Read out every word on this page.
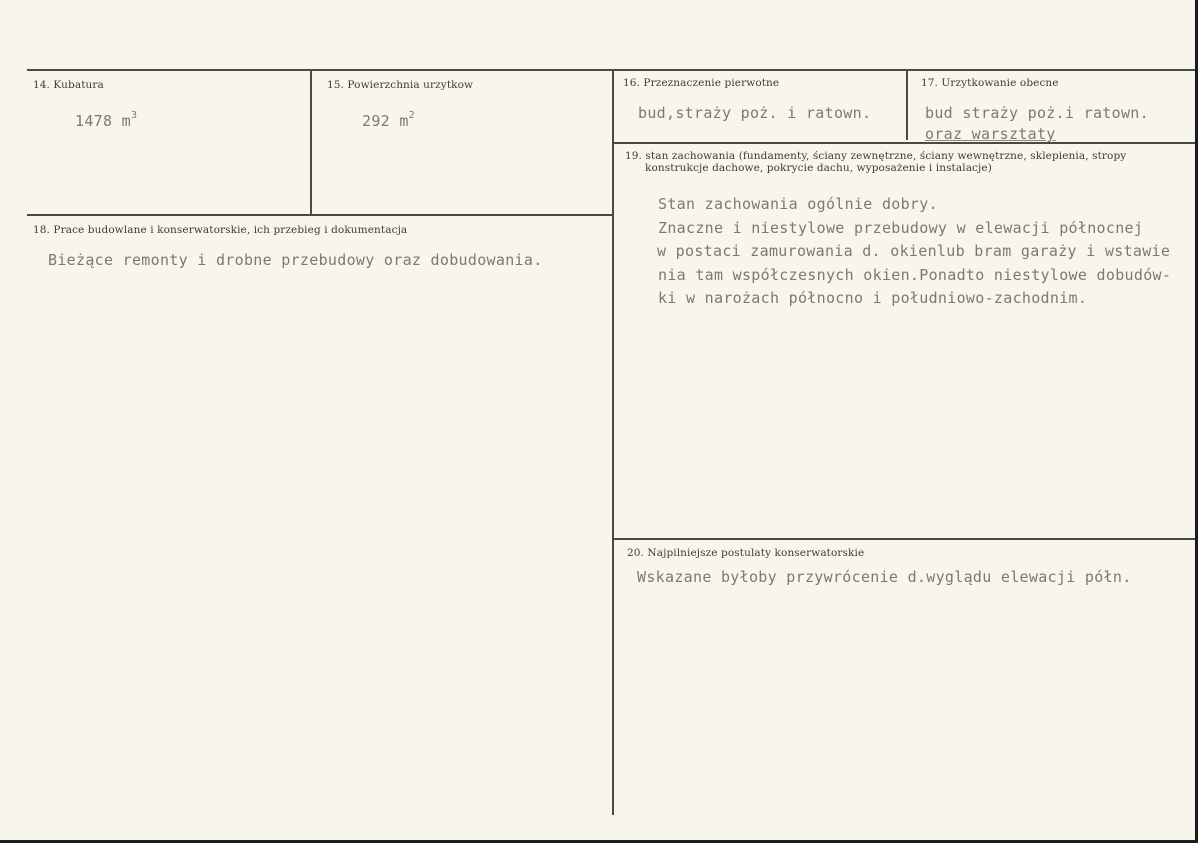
14. Kubatura
1478 $m^3$
15. Powierzchnia urzytkow
292 $m^2$
16. Przeznaczenie pierwotne
bud,straży poż. i ratown.
17. Urzytkowanie obecne
bud straży poż.i ratown.
oraz warsztaty
18. Prace budowlane i konserwatorskie, ich przebieg i dokumentacja
Bieżące remonty i drobne przebudowy oraz dobudowania.
19. stan zachowania (fundamenty, ściany zewnętrzne, ściany wewnętrzne, sklepienia, stropy
konstrukcje dachowe, pokrycie dachu, wyposażenie i instalacje)
Stan zachowania ogólnie dobry.
Znaczne i niestylowe przebudowy w elewacji północnej
w postaci zamurowania d. okienlub bram garaży i wstawie
nia tam współczesnych okien.Ponadto niestylowe dobudów-
ki w narożach północno i południowo-zachodnim.
20. Najpilniejsze postulaty konserwatorskie
Wskazane byłoby przywrócenie d.wyglądu elewacji półn.
